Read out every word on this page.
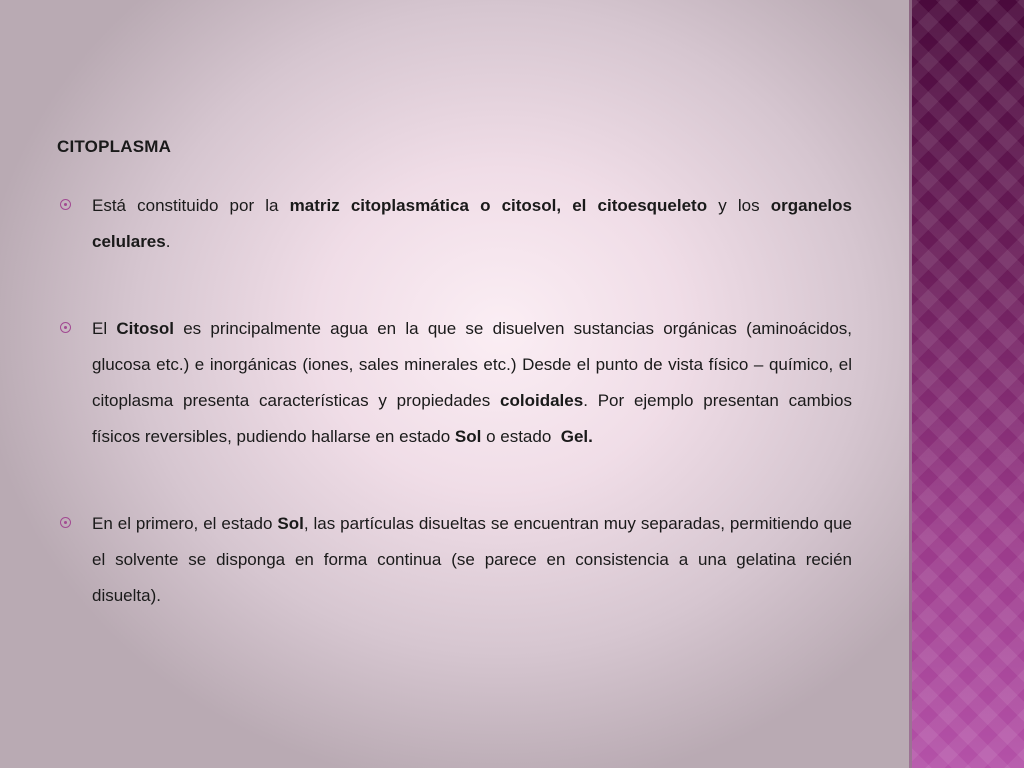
CITOPLASMA
Está constituido por la matriz citoplasmática o citosol, el citoesqueleto y los organelos celulares.
El Citosol es principalmente agua en la que se disuelven sustancias orgánicas (aminoácidos, glucosa etc.) e inorgánicas (iones, sales minerales etc.) Desde el punto de vista físico – químico, el citoplasma presenta características y propiedades coloidales. Por ejemplo presentan cambios físicos reversibles, pudiendo hallarse en estado Sol o estado  Gel.
En el primero, el estado Sol, las partículas disueltas se encuentran muy separadas, permitiendo que el solvente se disponga en forma continua (se parece en consistencia a una gelatina recién disuelta).
